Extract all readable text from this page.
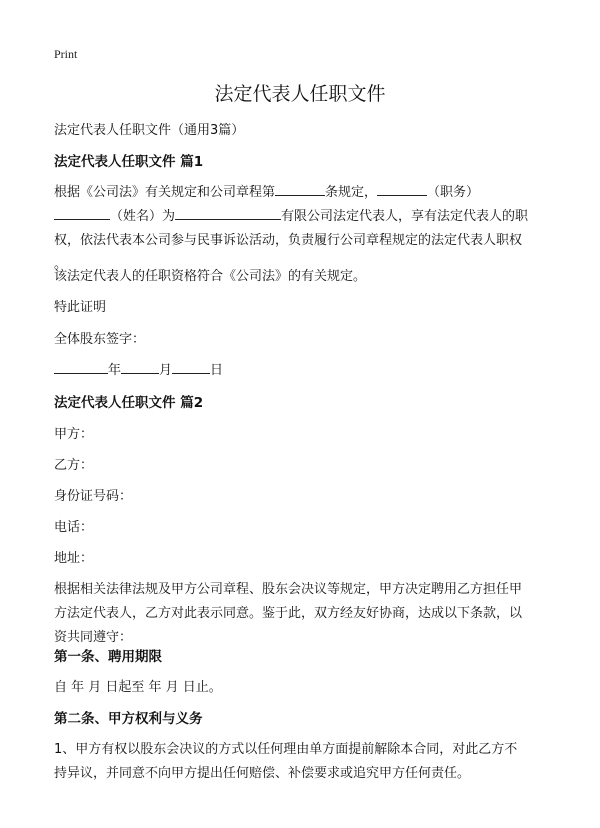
Print
法定代表人任职文件
法定代表人任职文件（通用3篇）
法定代表人任职文件 篇1
根据《公司法》有关规定和公司章程第	条规定，	（职务）
（姓名）为	有限公司法定代表人，享有法定代表人的职
权，依法代表本公司参与民事诉讼活动，负责履行公司章程规定的法定代表人职权
。
该法定代表人的任职资格符合《公司法》的有关规定。
特此证明
全体股东签字：
年	月	日
法定代表人任职文件 篇2
甲方：
乙方：
身份证号码：
电话：
地址：
根据相关法律法规及甲方公司章程、股东会决议等规定，甲方决定聘用乙方担任甲
方法定代表人，乙方对此表示同意。鉴于此，双方经友好协商，达成以下条款，以
资共同遵守：
第一条、聘用期限
自 年 月 日起至 年 月 日止。
第二条、甲方权利与义务
1、甲方有权以股东会决议的方式以任何理由单方面提前解除本合同，对此乙方不
持异议，并同意不向甲方提出任何赔偿、补偿要求或追究甲方任何责任。
